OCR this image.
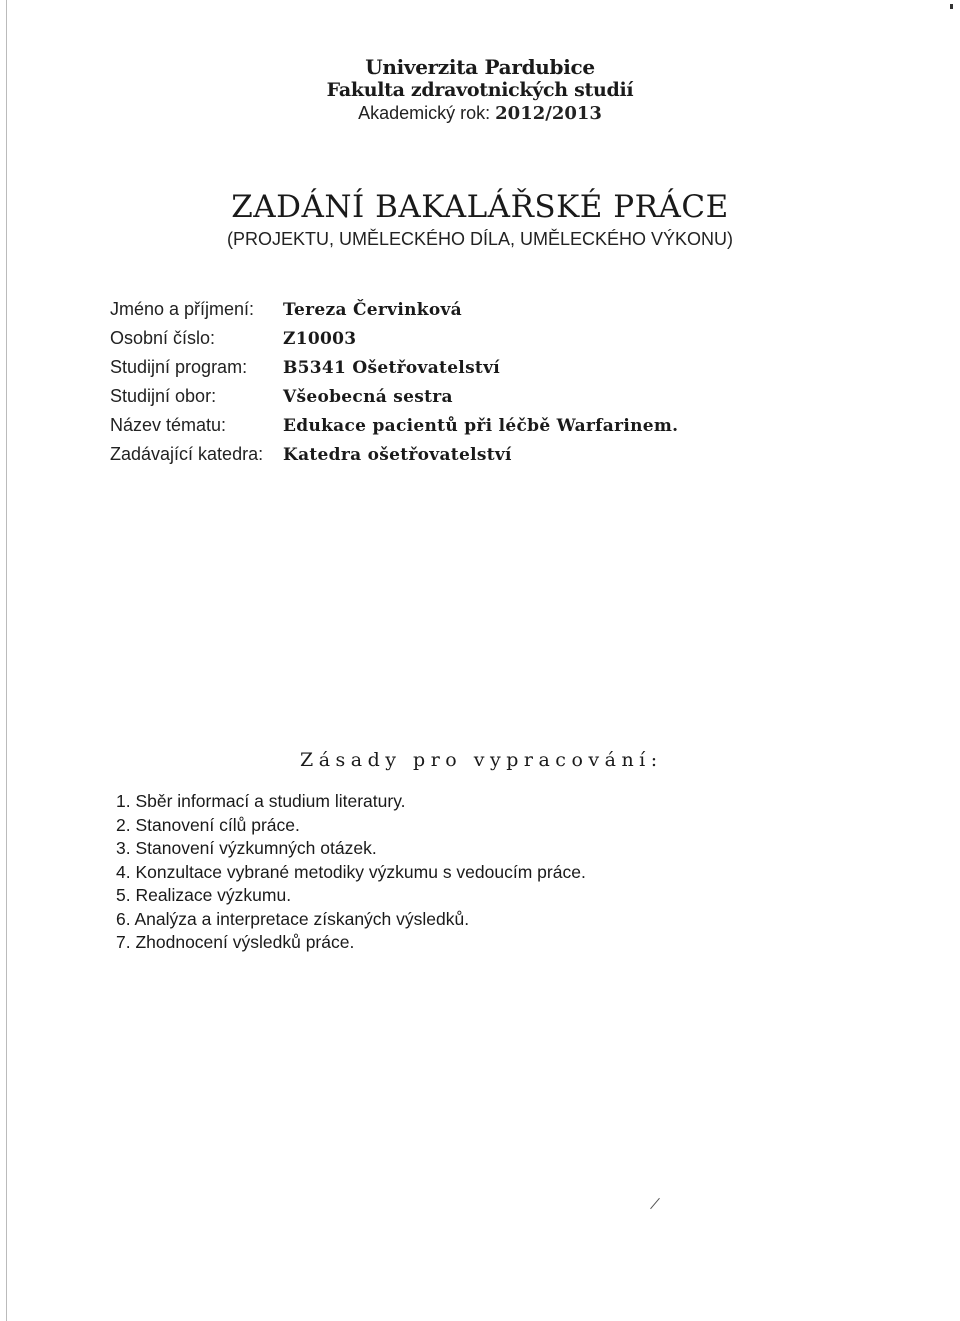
Univerzita Pardubice
Fakulta zdravotnických studií
Akademický rok: 2012/2013
ZADÁNÍ BAKALÁŘSKÉ PRÁCE
(PROJEKTU, UMĚLECKÉHO DÍLA, UMĚLECKÉHO VÝKONU)
Jméno a příjmení:	Tereza Červinková
Osobní číslo:	Z10003
Studijní program:	B5341 Ošetřovatelství
Studijní obor:	Všeobecná sestra
Název tématu:	Edukace pacientů při léčbě Warfarinem.
Zadávající katedra:	Katedra ošetřovatelství
Zásady pro vypracování:
1. Sběr informací a studium literatury.
2. Stanovení cílů práce.
3. Stanovení výzkumných otázek.
4. Konzultace vybrané metodiky výzkumu s vedoucím práce.
5. Realizace výzkumu.
6. Analýza a interpretace získaných výsledků.
7. Zhodnocení výsledků práce.
